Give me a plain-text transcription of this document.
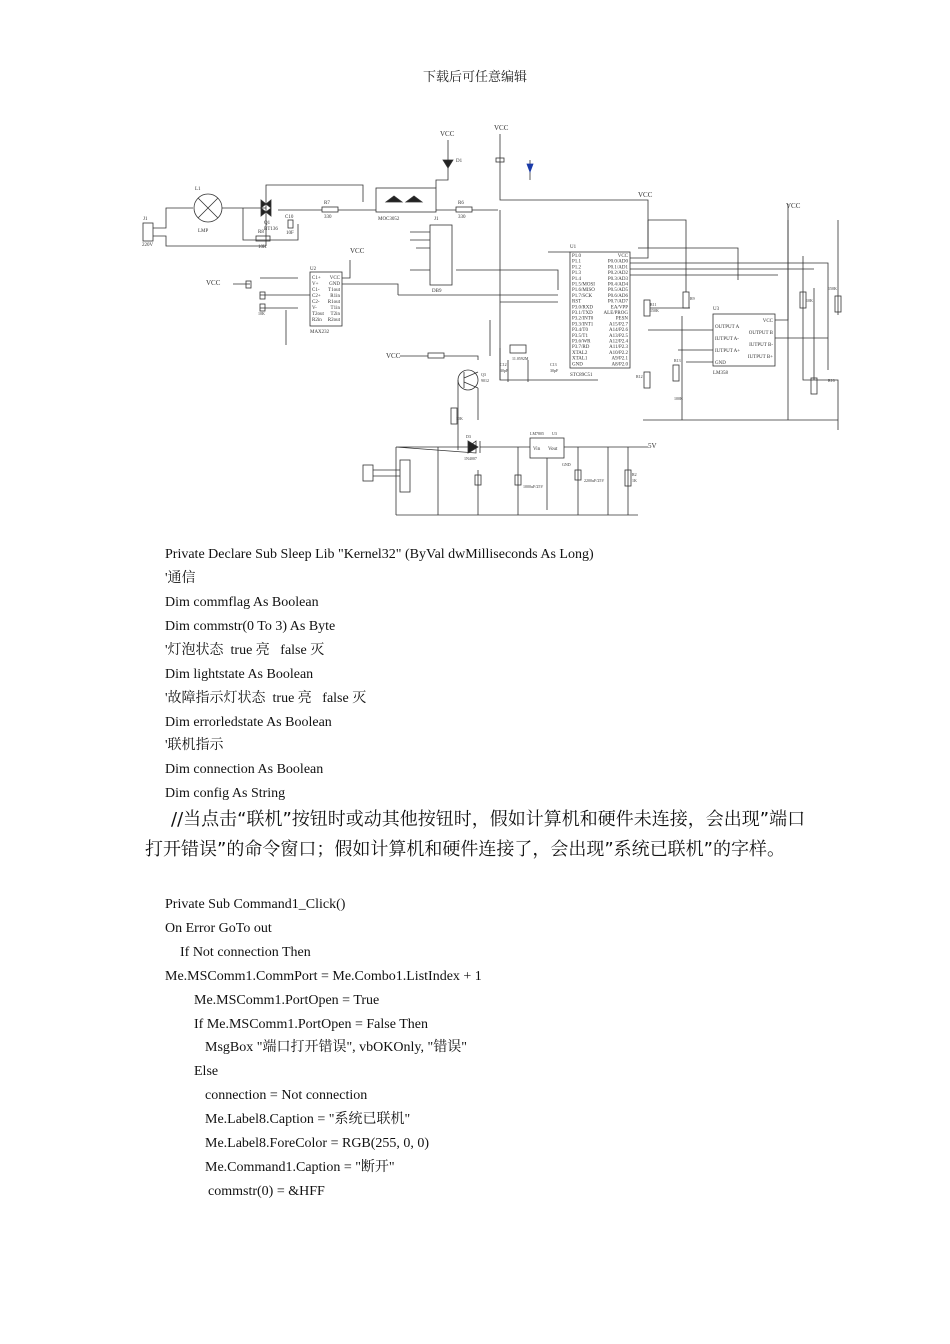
下载后可任意编辑
VCC
VCC
VCC
VCC
VCC
VCC
VCC
5V
J1
220V
L1
LMP
Q1
BT136
R8
10K
C10
10F
R7
330	MOC3052
R6
330
D1
DB9
J1
U2
MAX232
C1+
V+
C1-
C2+
C2-
V-
T2out
R2in
VCC
GND
T1out
R1in
R1out
T1in
T2in
R2out
10K
U1
STC89C51
P1.0
P1.1
P1.2
P1.3
P1.4
P1.5/MOSI
P1.6/MISO
P1.7/SCK
RST
P3.0/RXD
P3.1/TXD
P3.2/INT0
P3.3/INT1
P3.4/T0
P3.5/T1
P3.6/WR
P3.7/RD
XTAL2
XTAL1
GND
VCC
P0.0/AD0
P0.1/AD1
P0.2/AD2
P0.3/AD3
P0.4/AD4
P0.5/AD5
P0.6/AD6
P0.7/AD7
EA/VPP
ALE/PROG
PESN
A15/P2.7
A14/P2.6
A13/P2.5
A12/P2.4
A11/P2.3
A10/P2.2
A9/P2.1
A8/P2.0
11.0592M
C12
30pF
C13
30pF
U3
LM358
OUTPUT A
IUTPUT A-
IUTPUT A+
GND
VCC
OUTPUT B
IUTPUT B-
IUTPUT B+
10K
150K
R16
R11
150K
R9
R12
R13
100K
Q3
9012
10K
D3
1N4007
U3
LM7805
Vin Vout
GND
2200uF/25V
1000uF/25V
R2
1K
Private Declare Sub Sleep Lib "Kernel32" (ByVal dwMilliseconds As Long)
'通信
Dim commflag As Boolean
Dim commstr(0 To 3) As Byte
'灯泡状态  true 亮   false 灭
Dim lightstate As Boolean
'故障指示灯状态  true 亮   false 灭
Dim errorledstate As Boolean
'联机指示
Dim connection As Boolean
Dim config As String
//当点击“联机”按钮时或动其他按钮时，假如计算机和硬件未连接，会出现”端口打开错误”的命令窗口；假如计算机和硬件连接了，会出现”系统已联机”的字样。
Private Sub Command1_Click()
On Error GoTo out
If Not connection Then
Me.MSComm1.CommPort = Me.Combo1.ListIndex + 1
Me.MSComm1.PortOpen = True
If Me.MSComm1.PortOpen = False Then
MsgBox "端口打开错误", vbOKOnly, "错误"
Else
connection = Not connection
Me.Label8.Caption = "系统已联机"
Me.Label8.ForeColor = RGB(255, 0, 0)
Me.Command1.Caption = "断开"
commstr(0) = &HFF
